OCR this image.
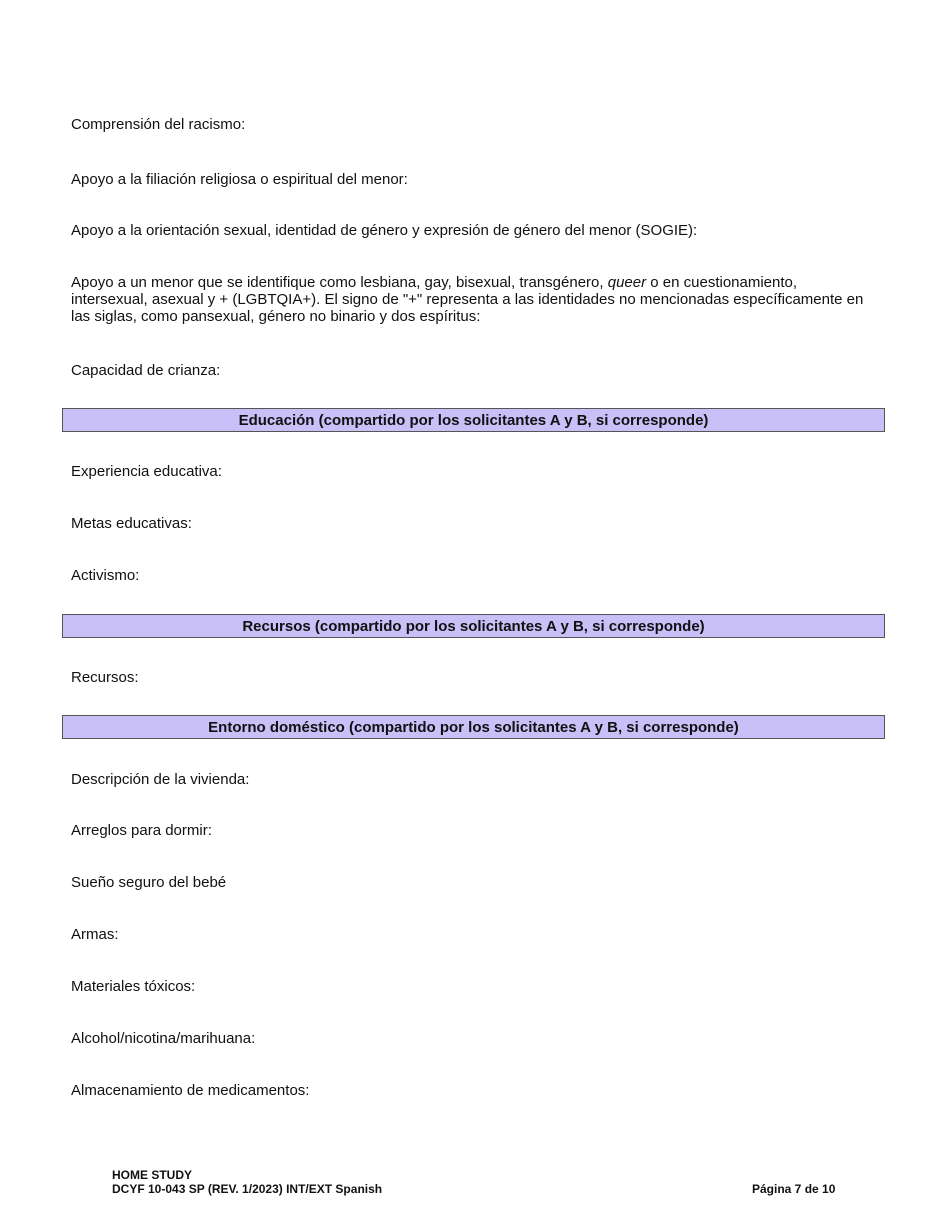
Comprensión del racismo:

Apoyo a la filiación religiosa o espiritual del menor:

Apoyo a la orientación sexual, identidad de género y expresión de género del menor (SOGIE):

Apoyo a un menor que se identifique como lesbiana, gay, bisexual, transgénero, queer o en cuestionamiento, intersexual, asexual y + (LGBTQIA+). El signo de "+" representa a las identidades no mencionadas específicamente en las siglas, como pansexual, género no binario y dos espíritus:

Capacidad de crianza:

Educación (compartido por los solicitantes A y B, si corresponde)

Experiencia educativa:

Metas educativas:

Activismo:

Recursos (compartido por los solicitantes A y B, si corresponde)

Recursos:

Entorno doméstico (compartido por los solicitantes A y B, si corresponde)

Descripción de la vivienda:

Arreglos para dormir:

Sueño seguro del bebé

Armas:

Materiales tóxicos:

Alcohol/nicotina/marihuana:

Almacenamiento de medicamentos:

HOME STUDY
DCYF 10-043 SP (REV. 1/2023) INT/EXT Spanish	Página 7 de 10
